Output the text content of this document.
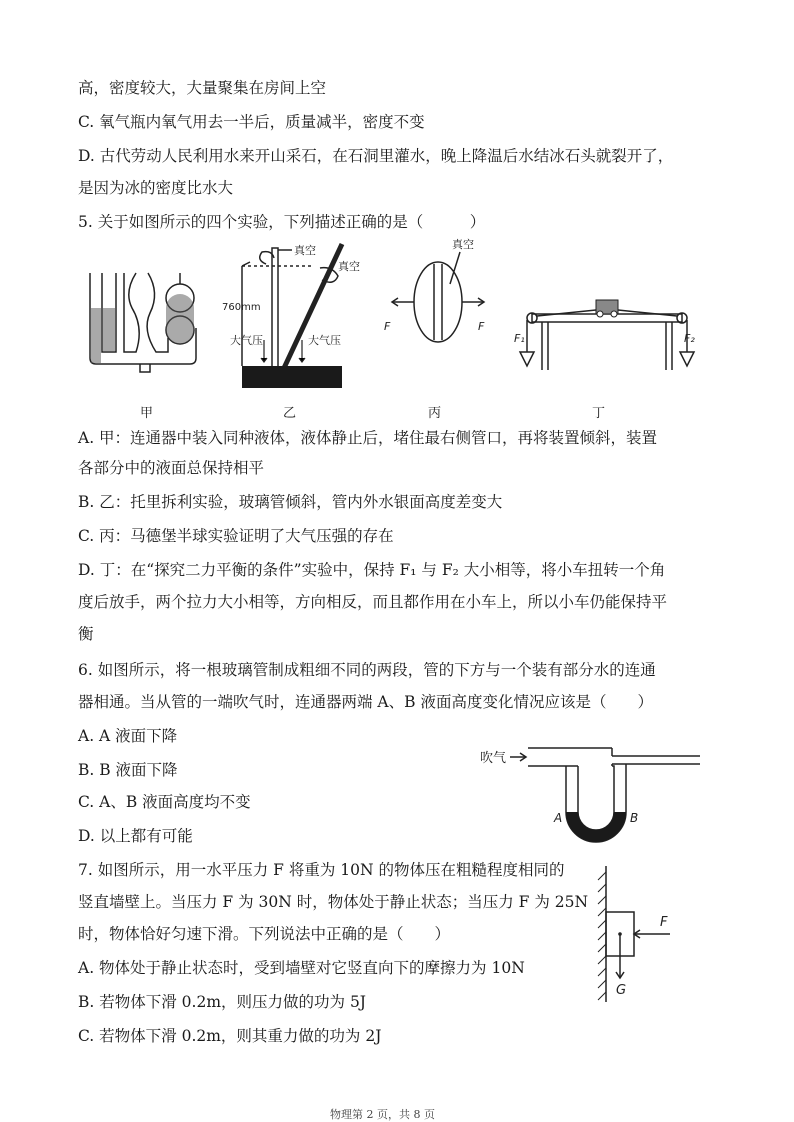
高，密度较大，大量聚集在房间上空
C. 氧气瓶内氧气用去一半后，质量减半，密度不变
D. 古代劳动人民利用水来开山采石，在石洞里灌水，晚上降温后水结冰石头就裂开了，
是因为冰的密度比水大
5. 关于如图所示的四个实验，下列描述正确的是（　　　）
甲
真空
真空
760mm
大气压	大气压
乙
真空
F	F
丙
F₁	F₂
丁
A. 甲：连通器中装入同种液体，液体静止后，堵住最右侧管口，再将装置倾斜，装置
各部分中的液面总保持相平
B. 乙：托里拆利实验，玻璃管倾斜，管内外水银面高度差变大
C. 丙：马德堡半球实验证明了大气压强的存在
D. 丁：在“探究二力平衡的条件”实验中，保持 F₁ 与 F₂ 大小相等，将小车扭转一个角
度后放手，两个拉力大小相等，方向相反，而且都作用在小车上，所以小车仍能保持平
衡
6. 如图所示，将一根玻璃管制成粗细不同的两段，管的下方与一个装有部分水的连通
器相通。当从管的一端吹气时，连通器两端 A、B 液面高度变化情况应该是（　　）
A. A 液面下降
B. B 液面下降
C. A、B 液面高度均不变
D. 以上都有可能
吹气
A	B
7. 如图所示，用一水平压力 F 将重为 10N 的物体压在粗糙程度相同的
竖直墙壁上。当压力 F 为 30N 时，物体处于静止状态；当压力 F 为 25N
时，物体恰好匀速下滑。下列说法中正确的是（　　）
A. 物体处于静止状态时，受到墙壁对它竖直向下的摩擦力为 10N
B. 若物体下滑 0.2m，则压力做的功为 5J
C. 若物体下滑 0.2m，则其重力做的功为 2J
F
G
物理第 2 页，共 8 页
